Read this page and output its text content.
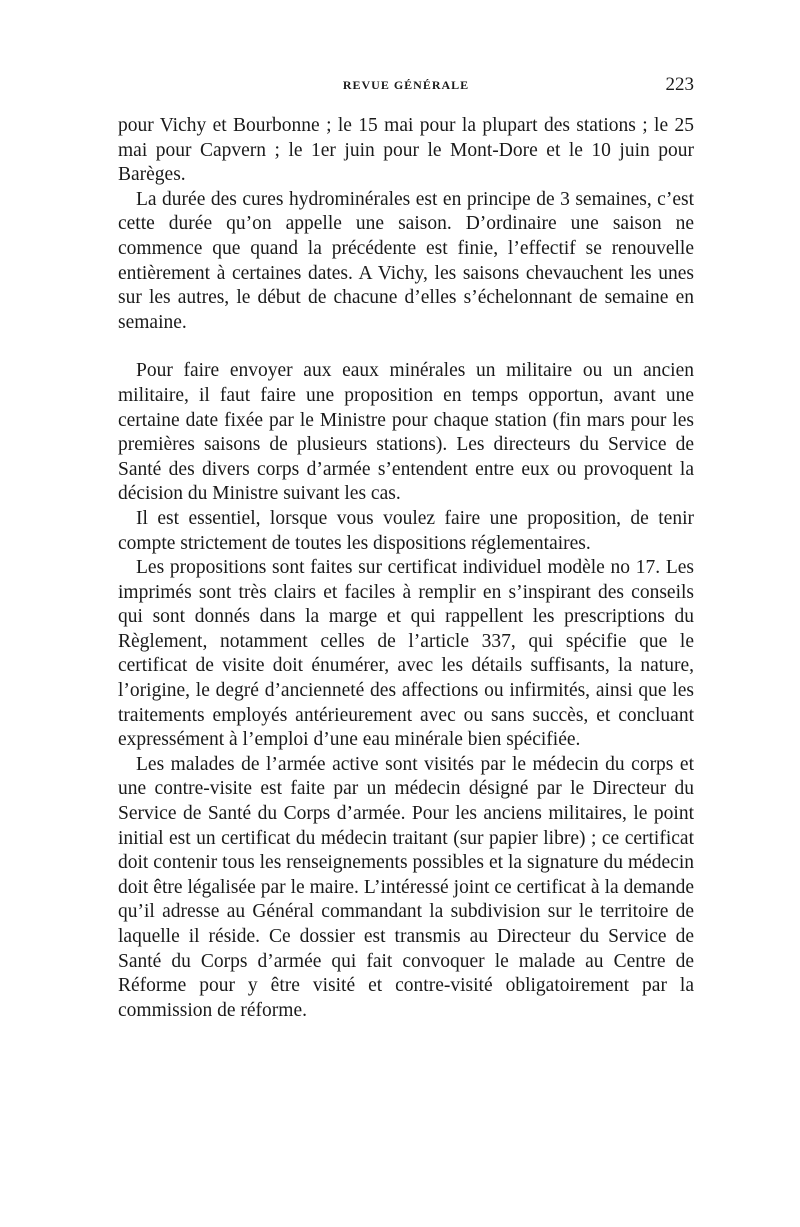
REVUE GÉNÉRALE	223

pour Vichy et Bourbonne ; le 15 mai pour la plupart des stations ; le 25 mai pour Capvern ; le 1er juin pour le Mont-Dore et le 10 juin pour Barèges.

La durée des cures hydrominérales est en principe de 3 semaines, c’est cette durée qu’on appelle une saison. D’ordinaire une saison ne commence que quand la précédente est finie, l’effectif se renouvelle entièrement à certaines dates. A Vichy, les saisons chevauchent les unes sur les autres, le début de chacune d’elles s’échelonnant de semaine en semaine.

Pour faire envoyer aux eaux minérales un militaire ou un ancien militaire, il faut faire une proposition en temps opportun, avant une certaine date fixée par le Ministre pour chaque station (fin mars pour les premières saisons de plusieurs stations). Les directeurs du Service de Santé des divers corps d’armée s’entendent entre eux ou provoquent la décision du Ministre suivant les cas.

Il est essentiel, lorsque vous voulez faire une proposition, de tenir compte strictement de toutes les dispositions réglementaires.

Les propositions sont faites sur certificat individuel modèle no 17. Les imprimés sont très clairs et faciles à remplir en s’inspirant des conseils qui sont donnés dans la marge et qui rappellent les prescriptions du Règlement, notamment celles de l’article 337, qui spécifie que le certificat de visite doit énumérer, avec les détails suffisants, la nature, l’origine, le degré d’ancienneté des affections ou infirmités, ainsi que les traitements employés antérieurement avec ou sans succès, et concluant expressément à l’emploi d’une eau minérale bien spécifiée.

Les malades de l’armée active sont visités par le médecin du corps et une contre-visite est faite par un médecin désigné par le Directeur du Service de Santé du Corps d’armée. Pour les anciens militaires, le point initial est un certificat du médecin traitant (sur papier libre) ; ce certificat doit contenir tous les renseignements possibles et la signature du médecin doit être légalisée par le maire. L’intéressé joint ce certificat à la demande qu’il adresse au Général commandant la subdivision sur le territoire de laquelle il réside. Ce dossier est transmis au Directeur du Service de Santé du Corps d’armée qui fait convoquer le malade au Centre de Réforme pour y être visité et contre-visité obligatoirement par la commission de réforme.
